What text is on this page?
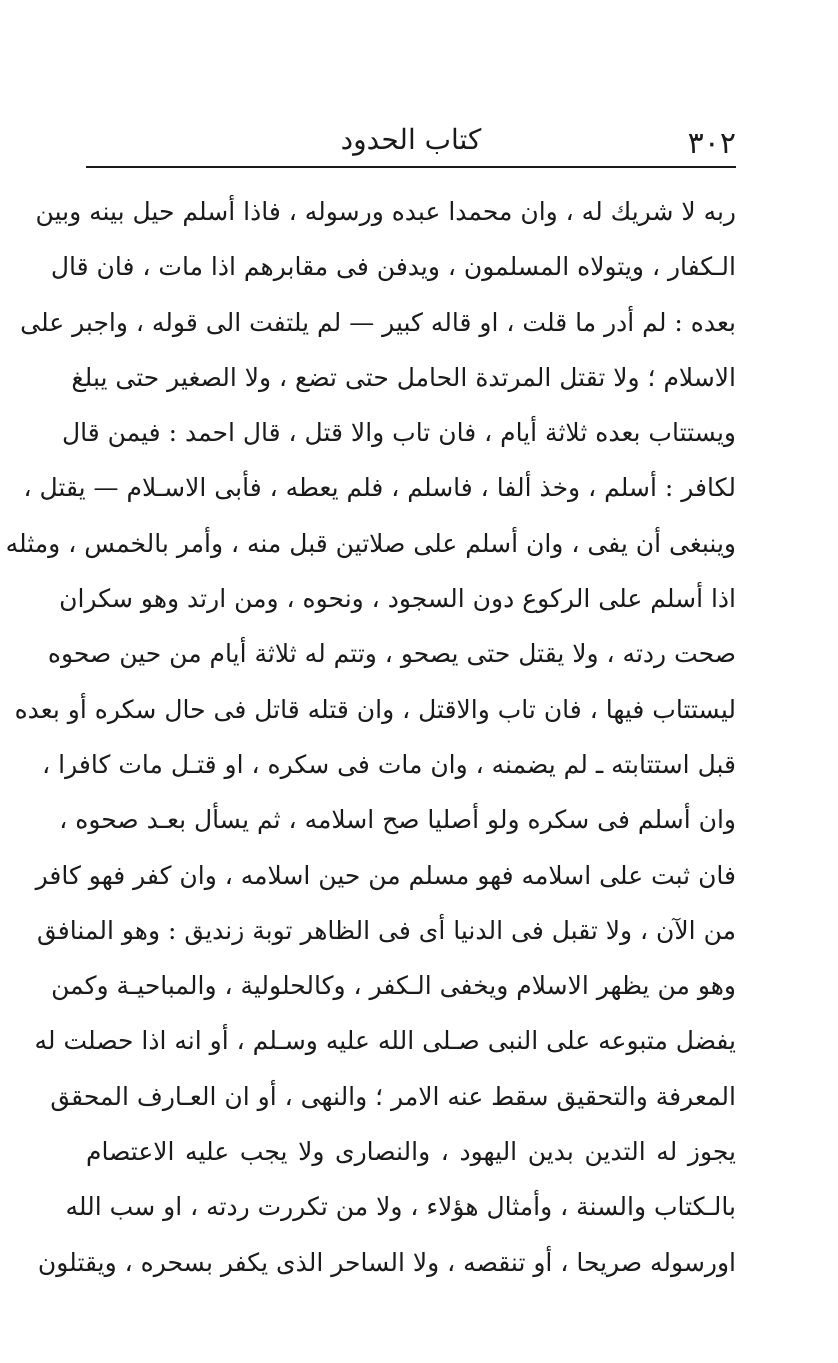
٣٠٢
كتاب الحدود
ربه لا شريك له ، وان محمدا عبده ورسوله ، فاذا أسلم حيل بينه وبين
الـكفار ، ويتولاه المسلمون ، ويدفن فى مقابرهم اذا مات ، فان قال
بعده : لم أدر ما قلت ، او قاله كبير — لم يلتفت الى قوله ، واجبر على
الاسلام ؛ ولا تقتل المرتدة الحامل حتى تضع ، ولا الصغير حتى يبلغ
ويستتاب بعده ثلاثة أيام ، فان تاب والا قتل ، قال احمد : فيمن قال
لكافر : أسلم ، وخذ ألفا ، فاسلم ، فلم يعطه ، فأبى الاسـلام — يقتل ،
وينبغى أن يفى ، وان أسلم على صلاتين قبل منه ، وأمر بالخمس ، ومثله
اذا أسلم على الركوع دون السجود ، ونحوه ، ومن ارتد وهو سكران
صحت ردته ، ولا يقتل حتى يصحو ، وتتم له ثلاثة أيام من حين صحوه
ليستتاب فيها ، فان تاب والاقتل ، وان قتله قاتل فى حال سكره أو بعده
قبل استتابته ـ لم يضمنه ، وان مات فى سكره ، او قتـل مات كافرا ،
وان أسلم فى سكره ولو أصليا صح اسلامه ، ثم يسأل بعـد صحوه ،
فان ثبت على اسلامه فهو مسلم من حين اسلامه ، وان كفر فهو كافر
من الآن ، ولا تقبل فى الدنيا أى فى الظاهر توبة زنديق : وهو المنافق
وهو من يظهر الاسلام ويخفى الـكفر ، وكالحلولية ، والمباحيـة وكمن
يفضل متبوعه على النبى صـلى الله عليه وسـلم ، أو انه اذا حصلت له
المعرفة والتحقيق سقط عنه الامر ؛ والنهى ، أو ان العـارف المحقق
يجوز له التدين بدين اليهود ، والنصارى ولا يجب عليه الاعتصام
بالـكتاب والسنة ، وأمثال هؤلاء ، ولا من تكررت ردته ، او سب الله
اورسوله صريحا ، أو تنقصه ، ولا الساحر الذى يكفر بسحره ، ويقتلون
